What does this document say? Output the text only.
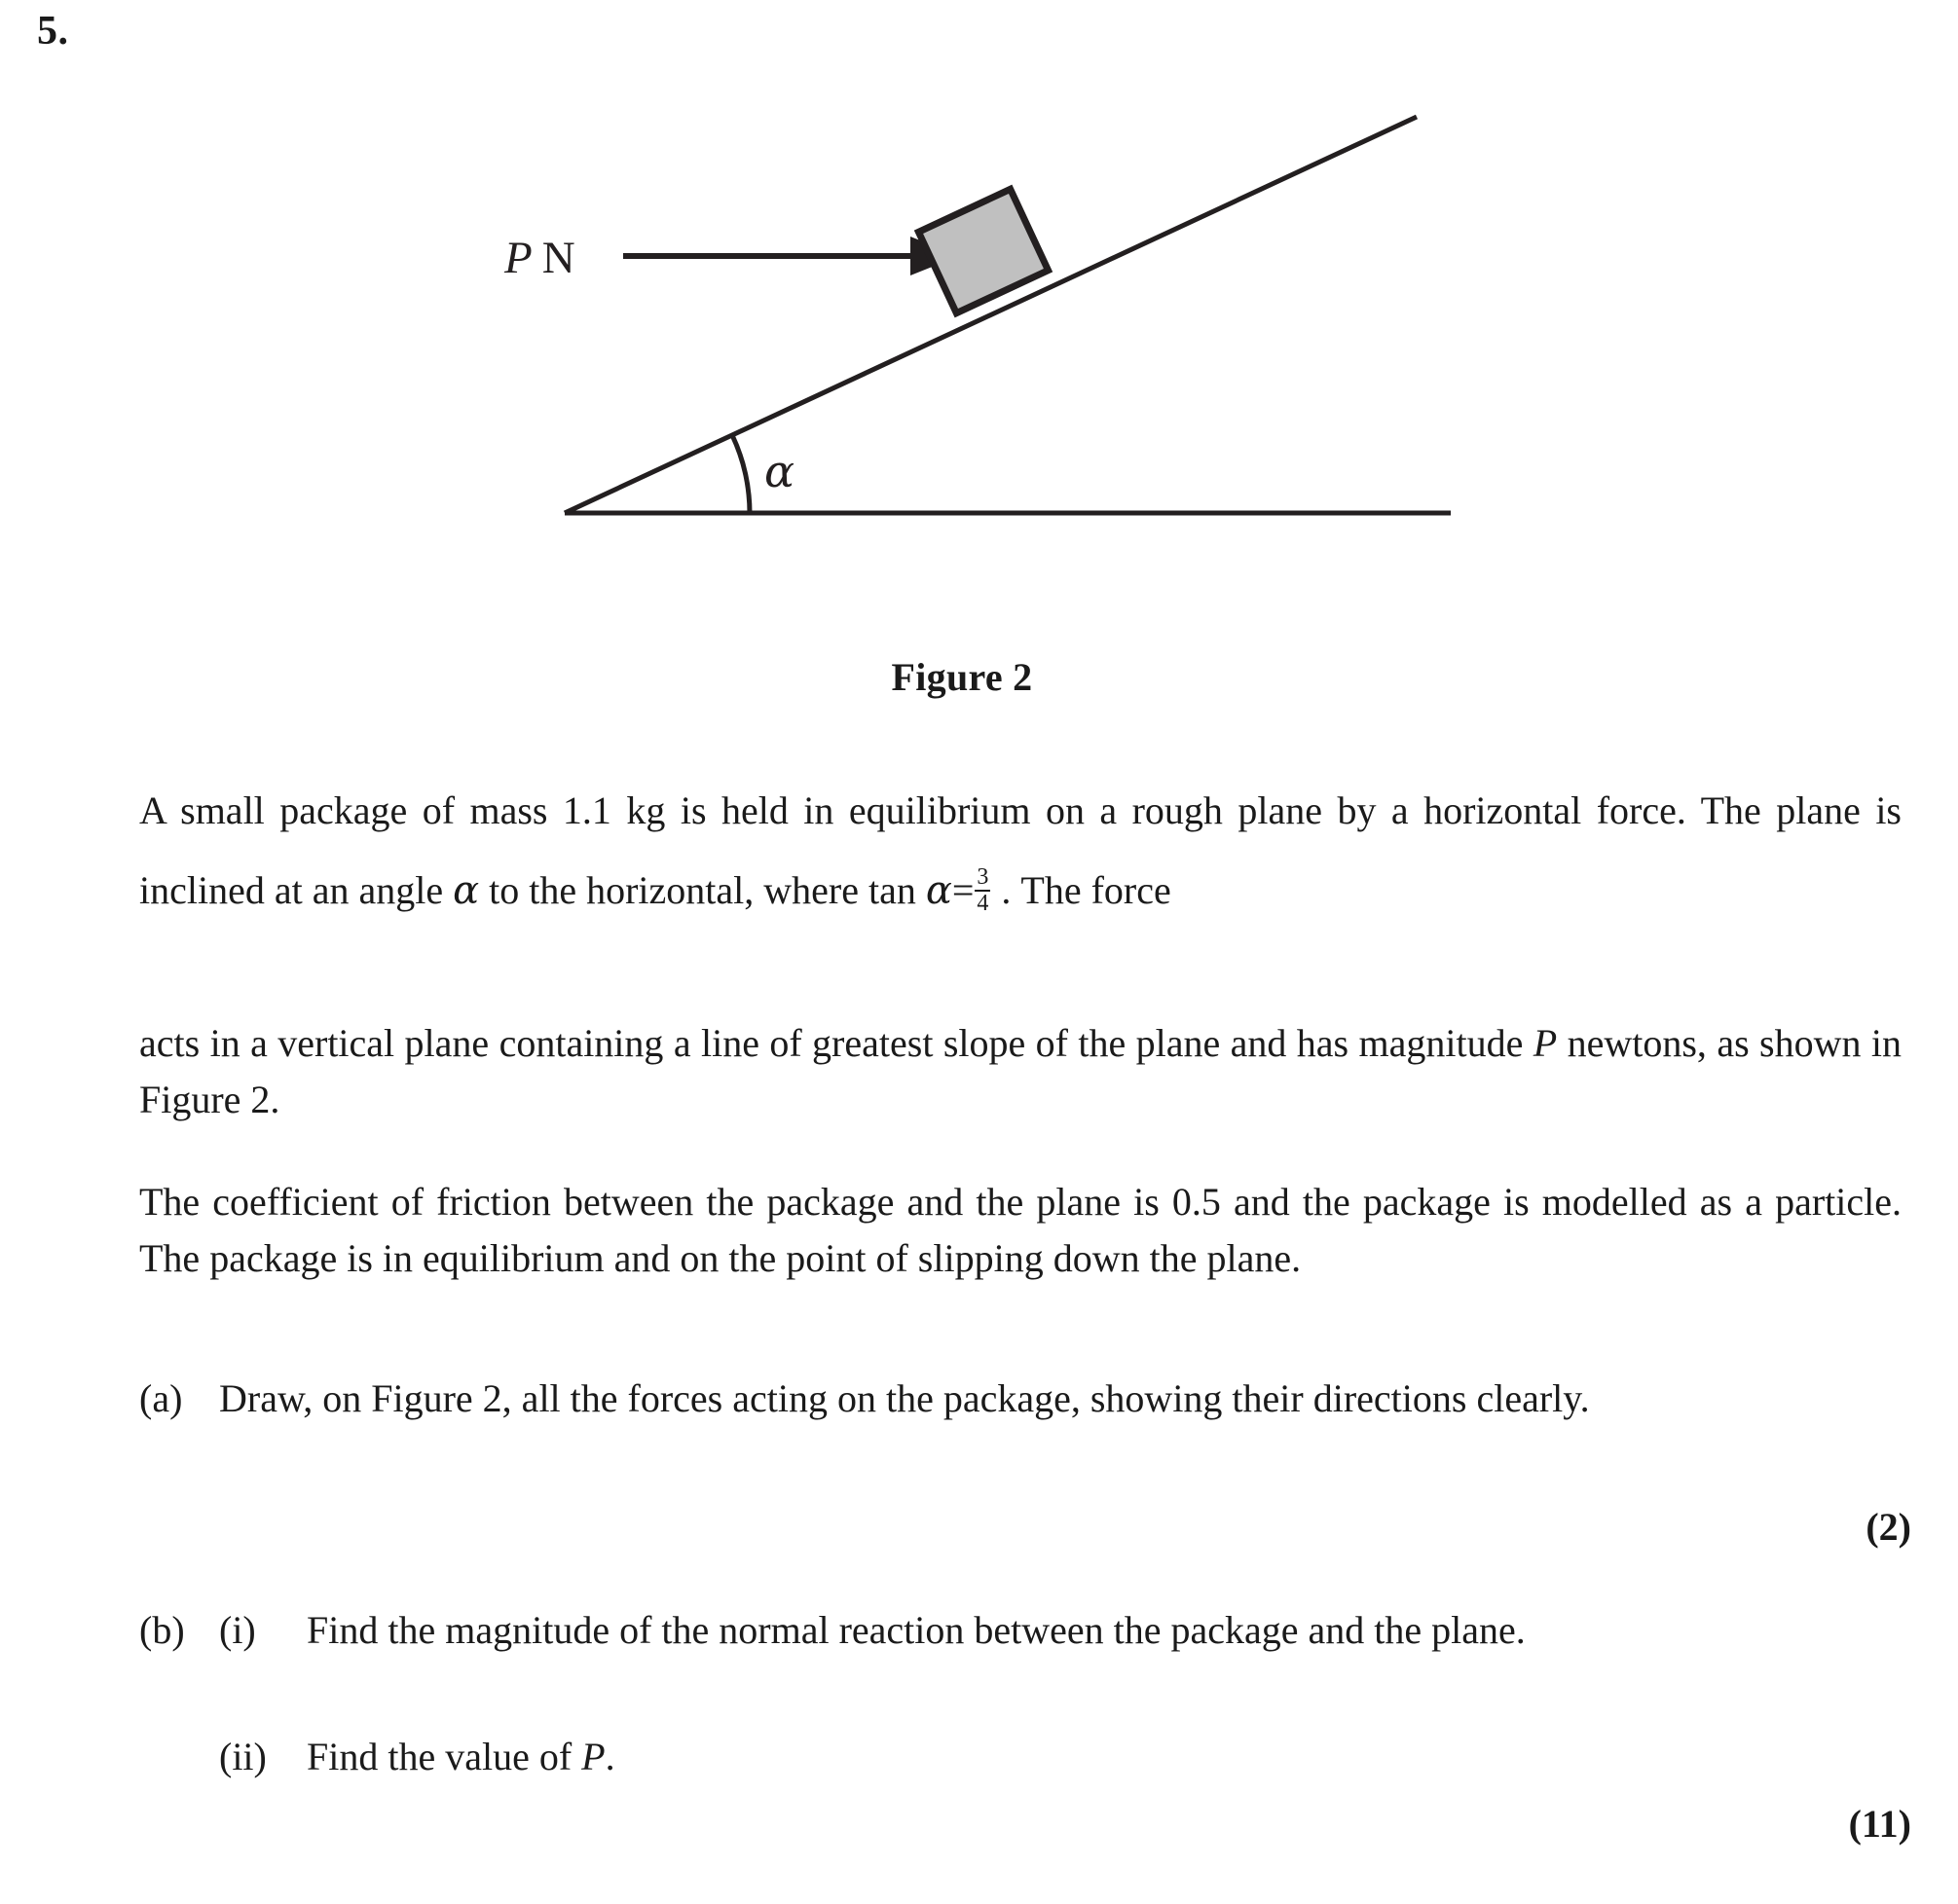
5.
α
P N
Figure 2
A small package of mass 1.1 kg is held in equilibrium on a rough plane by a horizontal force. The plane is inclined at an angle α to the horizontal, where $\tan \alpha= \frac{3}{4}$ . The force
acts in a vertical plane containing a line of greatest slope of the plane and has magnitude P newtons, as shown in Figure 2.
The coefficient of friction between the package and the plane is 0.5 and the package is modelled as a particle. The package is in equilibrium and on the point of slipping down the plane.
(a) Draw, on Figure 2, all the forces acting on the package, showing their directions clearly.
(2)
(b) (i)	Find the magnitude of the normal reaction between the package and the plane.
(ii)	Find the value of P.
(11)
